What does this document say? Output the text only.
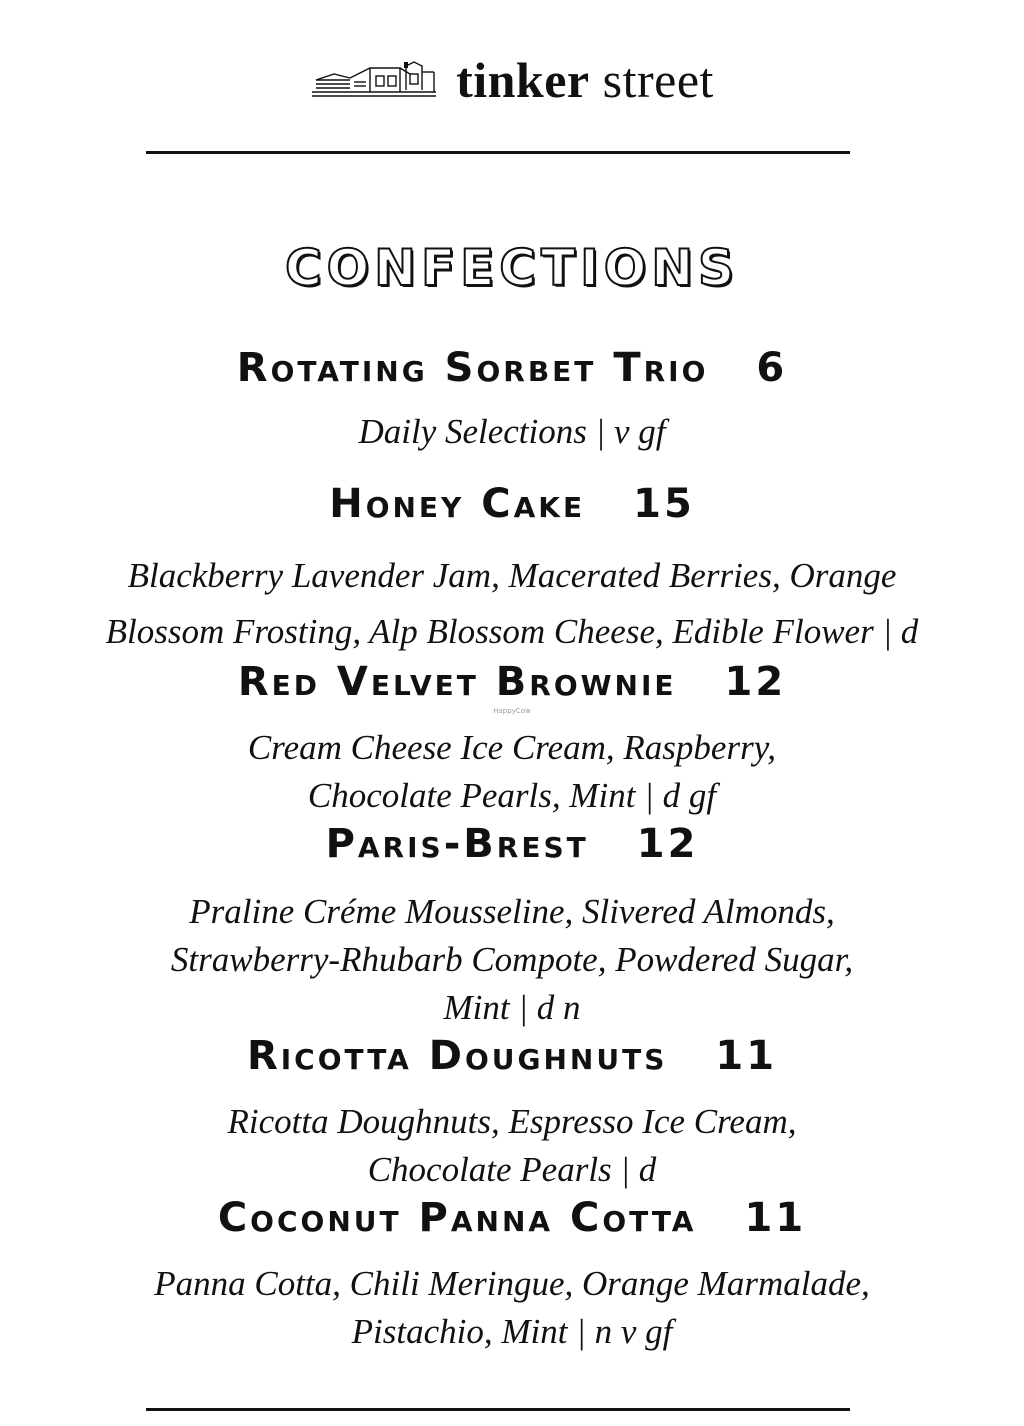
tinker street
CONFECTIONS
Rotating Sorbet Trio 6
Daily Selections | v gf
Honey Cake 15
Blackberry Lavender Jam, Macerated Berries, Orange
Blossom Frosting, Alp Blossom Cheese, Edible Flower | d
Red Velvet Brownie 12
HappyCow
Cream Cheese Ice Cream, Raspberry,
Chocolate Pearls, Mint | d gf
Paris-Brest 12
Praline Créme Mousseline, Slivered Almonds,
Strawberry-Rhubarb Compote, Powdered Sugar,
Mint | d n
Ricotta Doughnuts 11
Ricotta Doughnuts, Espresso Ice Cream,
Chocolate Pearls | d
Coconut Panna Cotta 11
Panna Cotta, Chili Meringue, Orange Marmalade,
Pistachio, Mint | n v gf
